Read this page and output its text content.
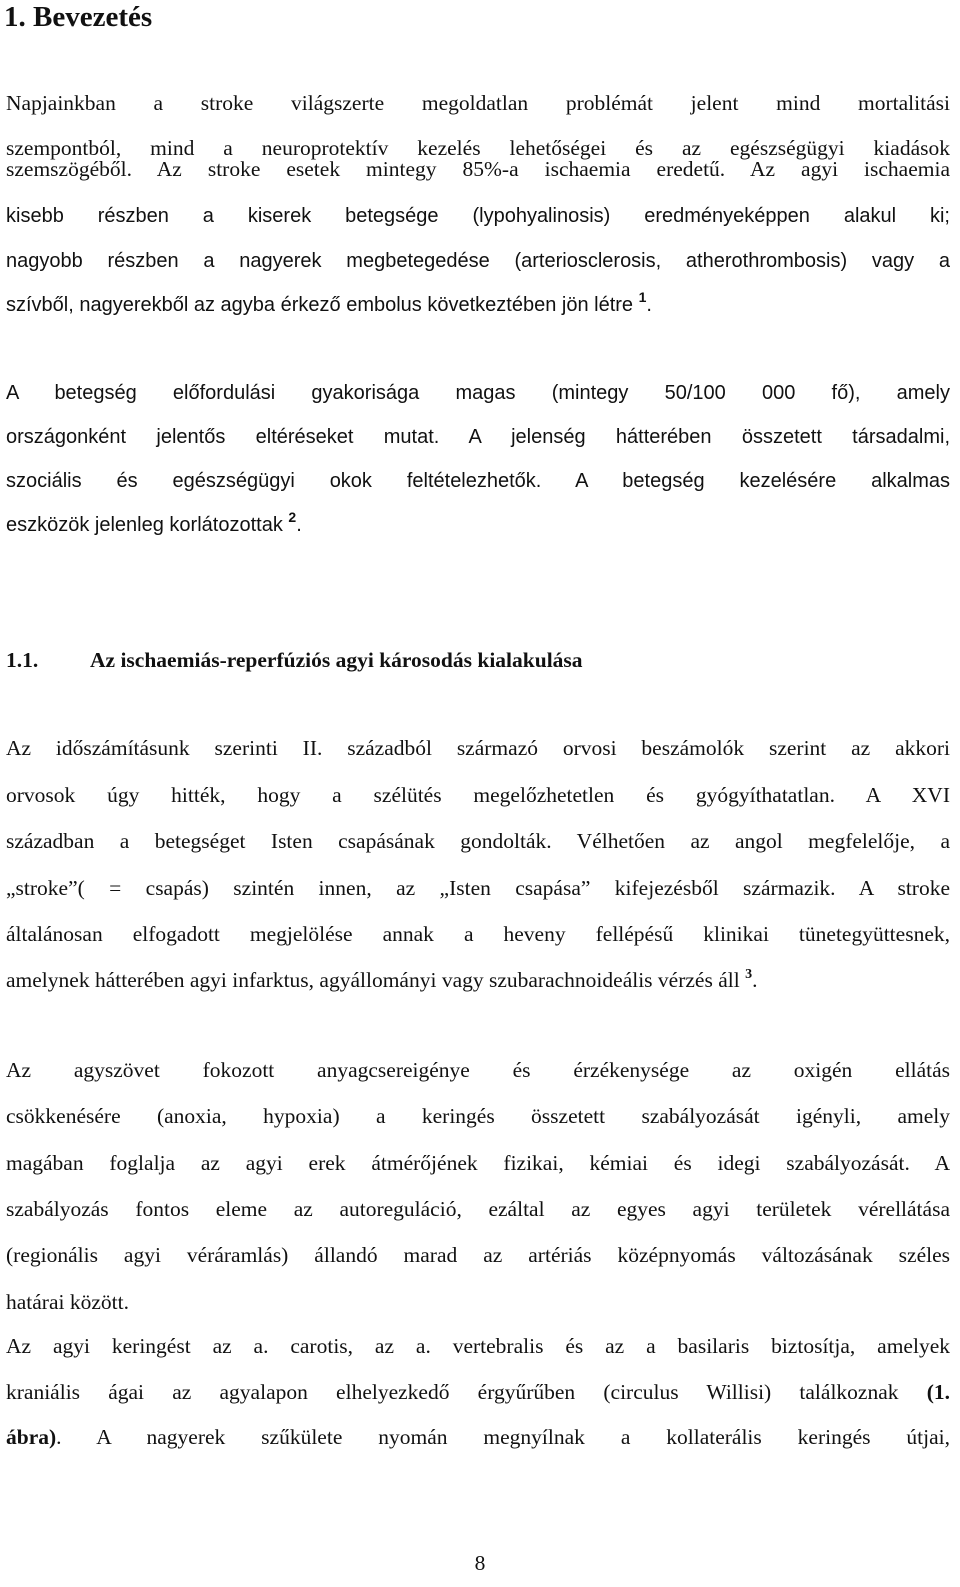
1. Bevezetés
Napjainkban a stroke világszerte megoldatlan problémát jelent mind mortalitási
szempontból, mind a neuroprotektív kezelés lehetőségei és az egészségügyi kiadások
szemszögéből. Az stroke esetek mintegy 85%-a ischaemia eredetű. Az agyi ischaemia
kisebb részben a kiserek betegsége (lypohyalinosis) eredményeképpen alakul ki;
nagyobb részben a nagyerek megbetegedése (arteriosclerosis, atherothrombosis) vagy a
szívből, nagyerekből az agyba érkező embolus következtében jön létre $^1$.
A betegség előfordulási gyakorisága magas (mintegy 50/100 000 fő), amely
országonként jelentős eltéréseket mutat. A jelenség hátterében összetett társadalmi,
szociális és egészségügyi okok feltételezhetők. A betegség kezelésére alkalmas
eszközök jelenleg korlátozottak $^2$.
1.1. Az ischaemiás-reperfúziós agyi károsodás kialakulása
Az időszámításunk szerinti II. századból származó orvosi beszámolók szerint az akkori
orvosok úgy hitték, hogy a szélütés megelőzhetetlen és gyógyíthatatlan. A XVI
században a betegséget Isten csapásának gondolták. Vélhetően az angol megfelelője, a
„stroke”( = csapás) szintén innen, az „Isten csapása” kifejezésből származik. A stroke
általánosan elfogadott megjelölése annak a heveny fellépésű klinikai tünetegyüttesnek,
amelynek hátterében agyi infarktus, agyállományi vagy szubarachnoideális vérzés áll $^3$.
Az agyszövet fokozott anyagcsereigénye és érzékenysége az oxigén ellátás
csökkenésére (anoxia, hypoxia) a keringés összetett szabályozását igényli, amely
magában foglalja az agyi erek átmérőjének fizikai, kémiai és idegi szabályozását. A
szabályozás fontos eleme az autoreguláció, ezáltal az egyes agyi területek vérellátása
(regionális agyi véráramlás) állandó marad az artériás középnyomás változásának széles
határai között.
Az agyi keringést az a. carotis, az a. vertebralis és az a basilaris biztosítja, amelyek
kraniális ágai az agyalapon elhelyezkedő érgyűrűben (circulus Willisi) találkoznak (1.
ábra). A nagyerek szűkülete nyomán megnyílnak a kollaterális keringés útjai,
8
